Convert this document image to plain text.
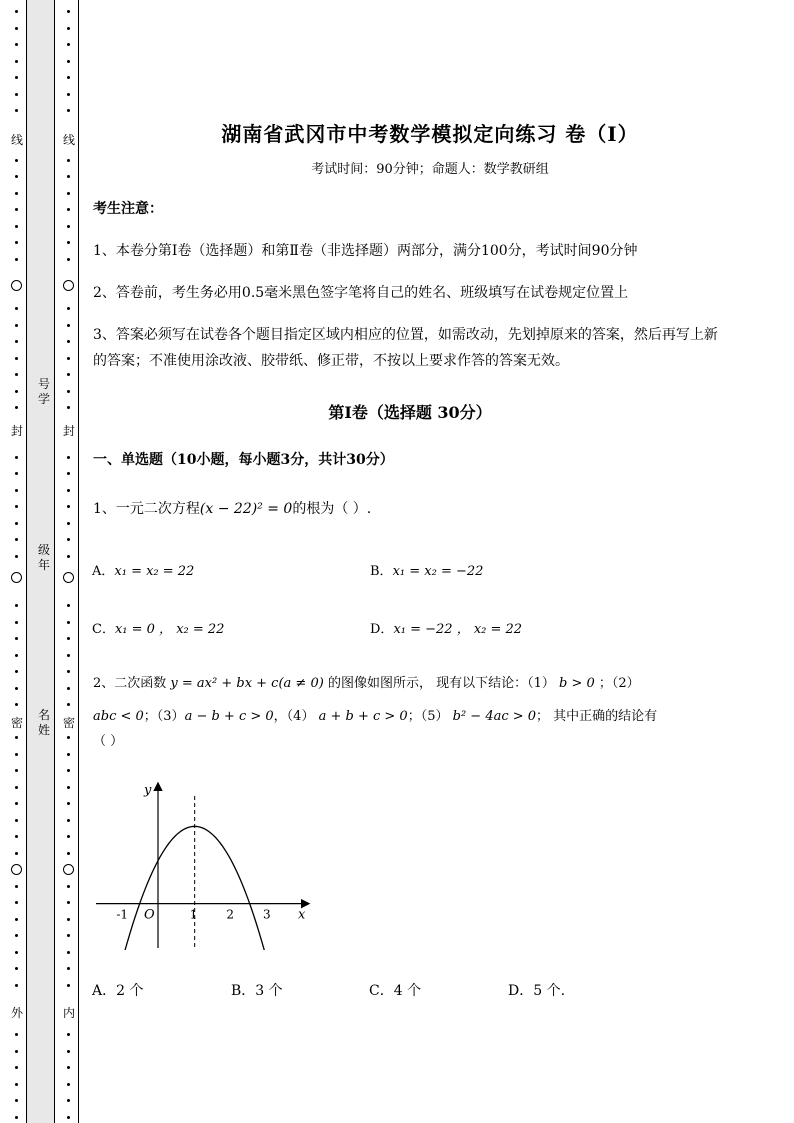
线
封
密
外
号学
级年
名姓
线
封
密
内
湖南省武冈市中考数学模拟定向练习 卷（Ⅰ）
考试时间：90分钟；命题人：数学教研组
考生注意：
1、本卷分第I卷（选择题）和第Ⅱ卷（非选择题）两部分，满分100分，考试时间90分钟
2、答卷前，考生务必用0.5毫米黑色签字笔将自己的姓名、班级填写在试卷规定位置上
3、答案必须写在试卷各个题目指定区域内相应的位置，如需改动，先划掉原来的答案，然后再写上新
的答案；不准使用涂改液、胶带纸、修正带，不按以上要求作答的答案无效。
第I卷（选择题 30分）
一、单选题（10小题，每小题3分，共计30分）
1、一元二次方程(x − 22)² = 0的根为（ ）.
A．x₁ = x₂ = 22	B．x₁ = x₂ = −22
C．x₁ = 0 ， x₂ = 22	D．x₁ = −22 ， x₂ = 22
2、二次函数 y = ax² + bx + c(a ≠ 0) 的图像如图所示， 现有以下结论：（1） b > 0 ；（2）
abc < 0；（3）a − b + c > 0，（4） a + b + c > 0；（5） b² − 4ac > 0； 其中正确的结论有
（ ）
-1	1 2 3 x
y
O
A．2 个	B．3 个	C．4 个	D．5 个.
